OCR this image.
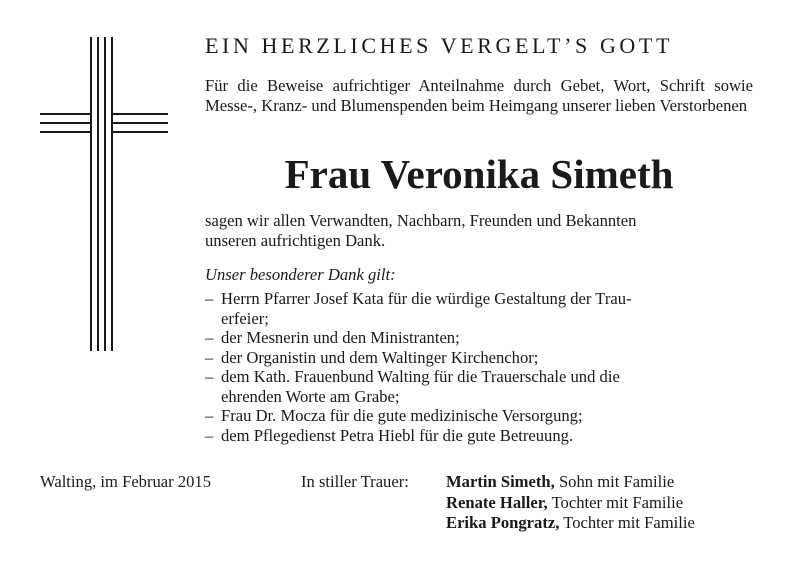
EIN HERZLICHES VERGELT’S GOTT
Für die Beweise aufrichtiger Anteilnahme durch Gebet, Wort, Schrift sowie Messe-, Kranz- und Blumenspenden beim Heimgang unserer lieben Verstorbenen
Frau Veronika Simeth
sagen wir allen Verwandten, Nachbarn, Freunden und Bekannten
unseren aufrichtigen Dank.
Unser besonderer Dank gilt:
– Herrn Pfarrer Josef Kata für die würdige Gestaltung der Trau-
erfeier;
– der Mesnerin und den Ministranten;
– der Organistin und dem Waltinger Kirchenchor;
– dem Kath. Frauenbund Walting für die Trauerschale und die
ehrenden Worte am Grabe;
– Frau Dr. Mocza für die gute medizinische Versorgung;
– dem Pflegedienst Petra Hiebl für die gute Betreuung.
Walting, im Februar 2015	In stiller Trauer: Martin Simeth, Sohn mit Familie
Renate Haller, Tochter mit Familie
Erika Pongratz, Tochter mit Familie
